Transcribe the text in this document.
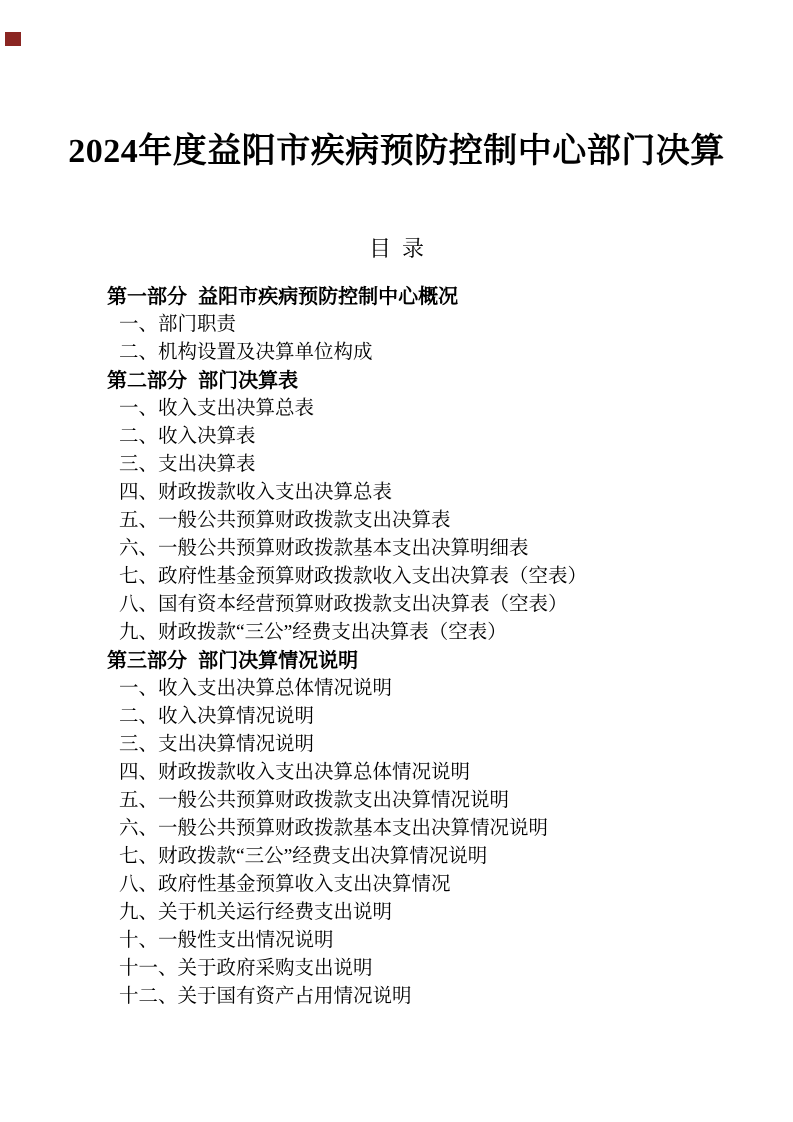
2024年度益阳市疾病预防控制中心部门决算
目  录
第一部分  益阳市疾病预防控制中心概况
一、部门职责
二、机构设置及决算单位构成
第二部分  部门决算表
一、收入支出决算总表
二、收入决算表
三、支出决算表
四、财政拨款收入支出决算总表
五、一般公共预算财政拨款支出决算表
六、一般公共预算财政拨款基本支出决算明细表
七、政府性基金预算财政拨款收入支出决算表（空表）
八、国有资本经营预算财政拨款支出决算表（空表）
九、财政拨款“三公”经费支出决算表（空表）
第三部分  部门决算情况说明
一、收入支出决算总体情况说明
二、收入决算情况说明
三、支出决算情况说明
四、财政拨款收入支出决算总体情况说明
五、一般公共预算财政拨款支出决算情况说明
六、一般公共预算财政拨款基本支出决算情况说明
七、财政拨款“三公”经费支出决算情况说明
八、政府性基金预算收入支出决算情况
九、关于机关运行经费支出说明
十、一般性支出情况说明
十一、关于政府采购支出说明
十二、关于国有资产占用情况说明
